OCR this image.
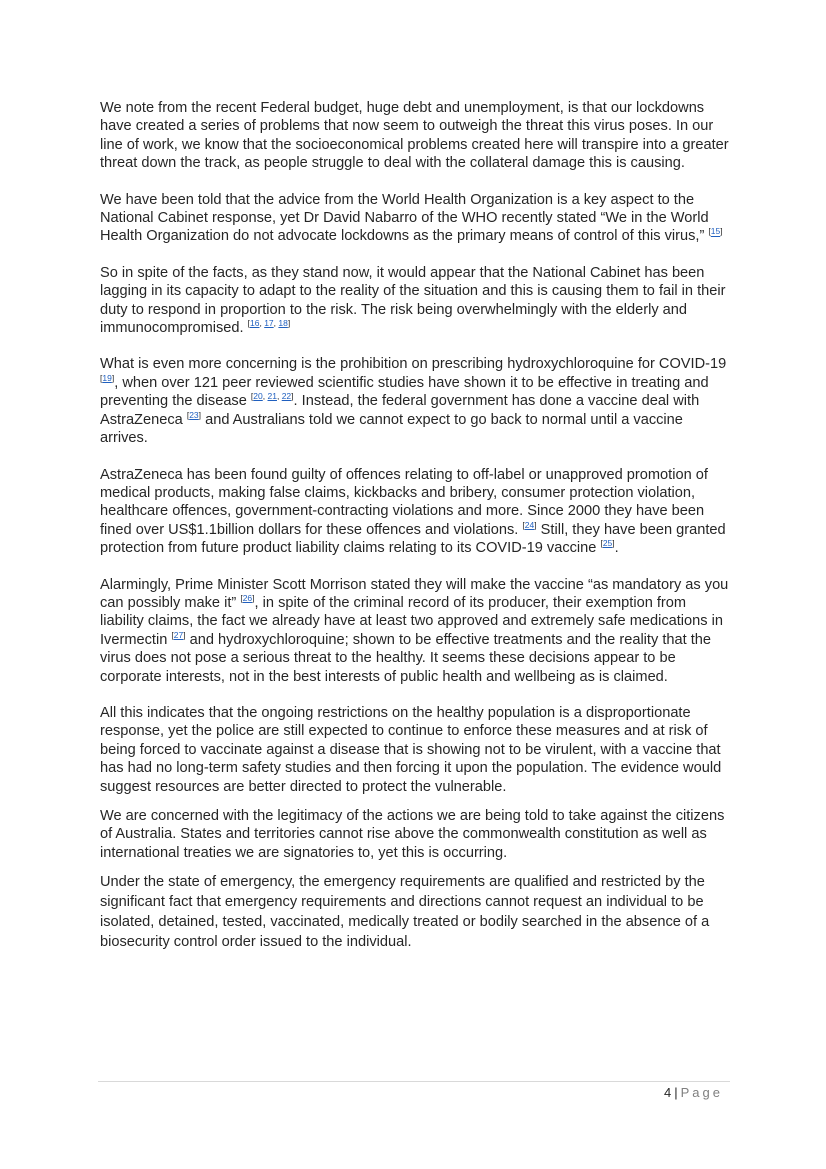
We note from the recent Federal budget, huge debt and unemployment, is that our lockdowns have created a series of problems that now seem to outweigh the threat this virus poses. In our line of work, we know that the socioeconomical problems created here will transpire into a greater threat down the track, as people struggle to deal with the collateral damage this is causing.

We have been told that the advice from the World Health Organization is a key aspect to the National Cabinet response, yet Dr David Nabarro of the WHO recently stated “We in the World Health Organization do not advocate lockdowns as the primary means of control of this virus,” [15]

So in spite of the facts, as they stand now, it would appear that the National Cabinet has been lagging in its capacity to adapt to the reality of the situation and this is causing them to fail in their duty to respond in proportion to the risk. The risk being overwhelmingly with the elderly and immunocompromised. $^{[16,}$ $^{17,}$ $^{18]}$

What is even more concerning is the prohibition on prescribing hydroxychloroquine for COVID-19 [19], when over 121 peer reviewed scientific studies have shown it to be effective in treating and preventing the disease $^{[20,}$ $^{21,}$ $^{22]}$. Instead, the federal government has done a vaccine deal with AstraZeneca [23] and Australians told we cannot expect to go back to normal until a vaccine arrives.

AstraZeneca has been found guilty of offences relating to off-label or unapproved promotion of medical products, making false claims, kickbacks and bribery, consumer protection violation, healthcare offences, government-contracting violations and more. Since 2000 they have been fined over US$1.1billion dollars for these offences and violations. [24] Still, they have been granted protection from future product liability claims relating to its COVID-19 vaccine [25].

Alarmingly, Prime Minister Scott Morrison stated they will make the vaccine “as mandatory as you can possibly make it” [26], in spite of the criminal record of its producer, their exemption from liability claims, the fact we already have at least two approved and extremely safe medications in Ivermectin [27] and hydroxychloroquine; shown to be effective treatments and the reality that the virus does not pose a serious threat to the healthy. It seems these decisions appear to be corporate interests, not in the best interests of public health and wellbeing as is claimed.

All this indicates that the ongoing restrictions on the healthy population is a disproportionate response, yet the police are still expected to continue to enforce these measures and at risk of being forced to vaccinate against a disease that is showing not to be virulent, with a vaccine that has had no long-term safety studies and then forcing it upon the population. The evidence would suggest resources are better directed to protect the vulnerable.

We are concerned with the legitimacy of the actions we are being told to take against the citizens of Australia. States and territories cannot rise above the commonwealth constitution as well as international treaties we are signatories to, yet this is occurring.

Under the state of emergency, the emergency requirements are qualified and restricted by the significant fact that emergency requirements and directions cannot request an individual to be isolated, detained, tested, vaccinated, medically treated or bodily searched in the absence of a biosecurity control order issued to the individual.

4 | Page
